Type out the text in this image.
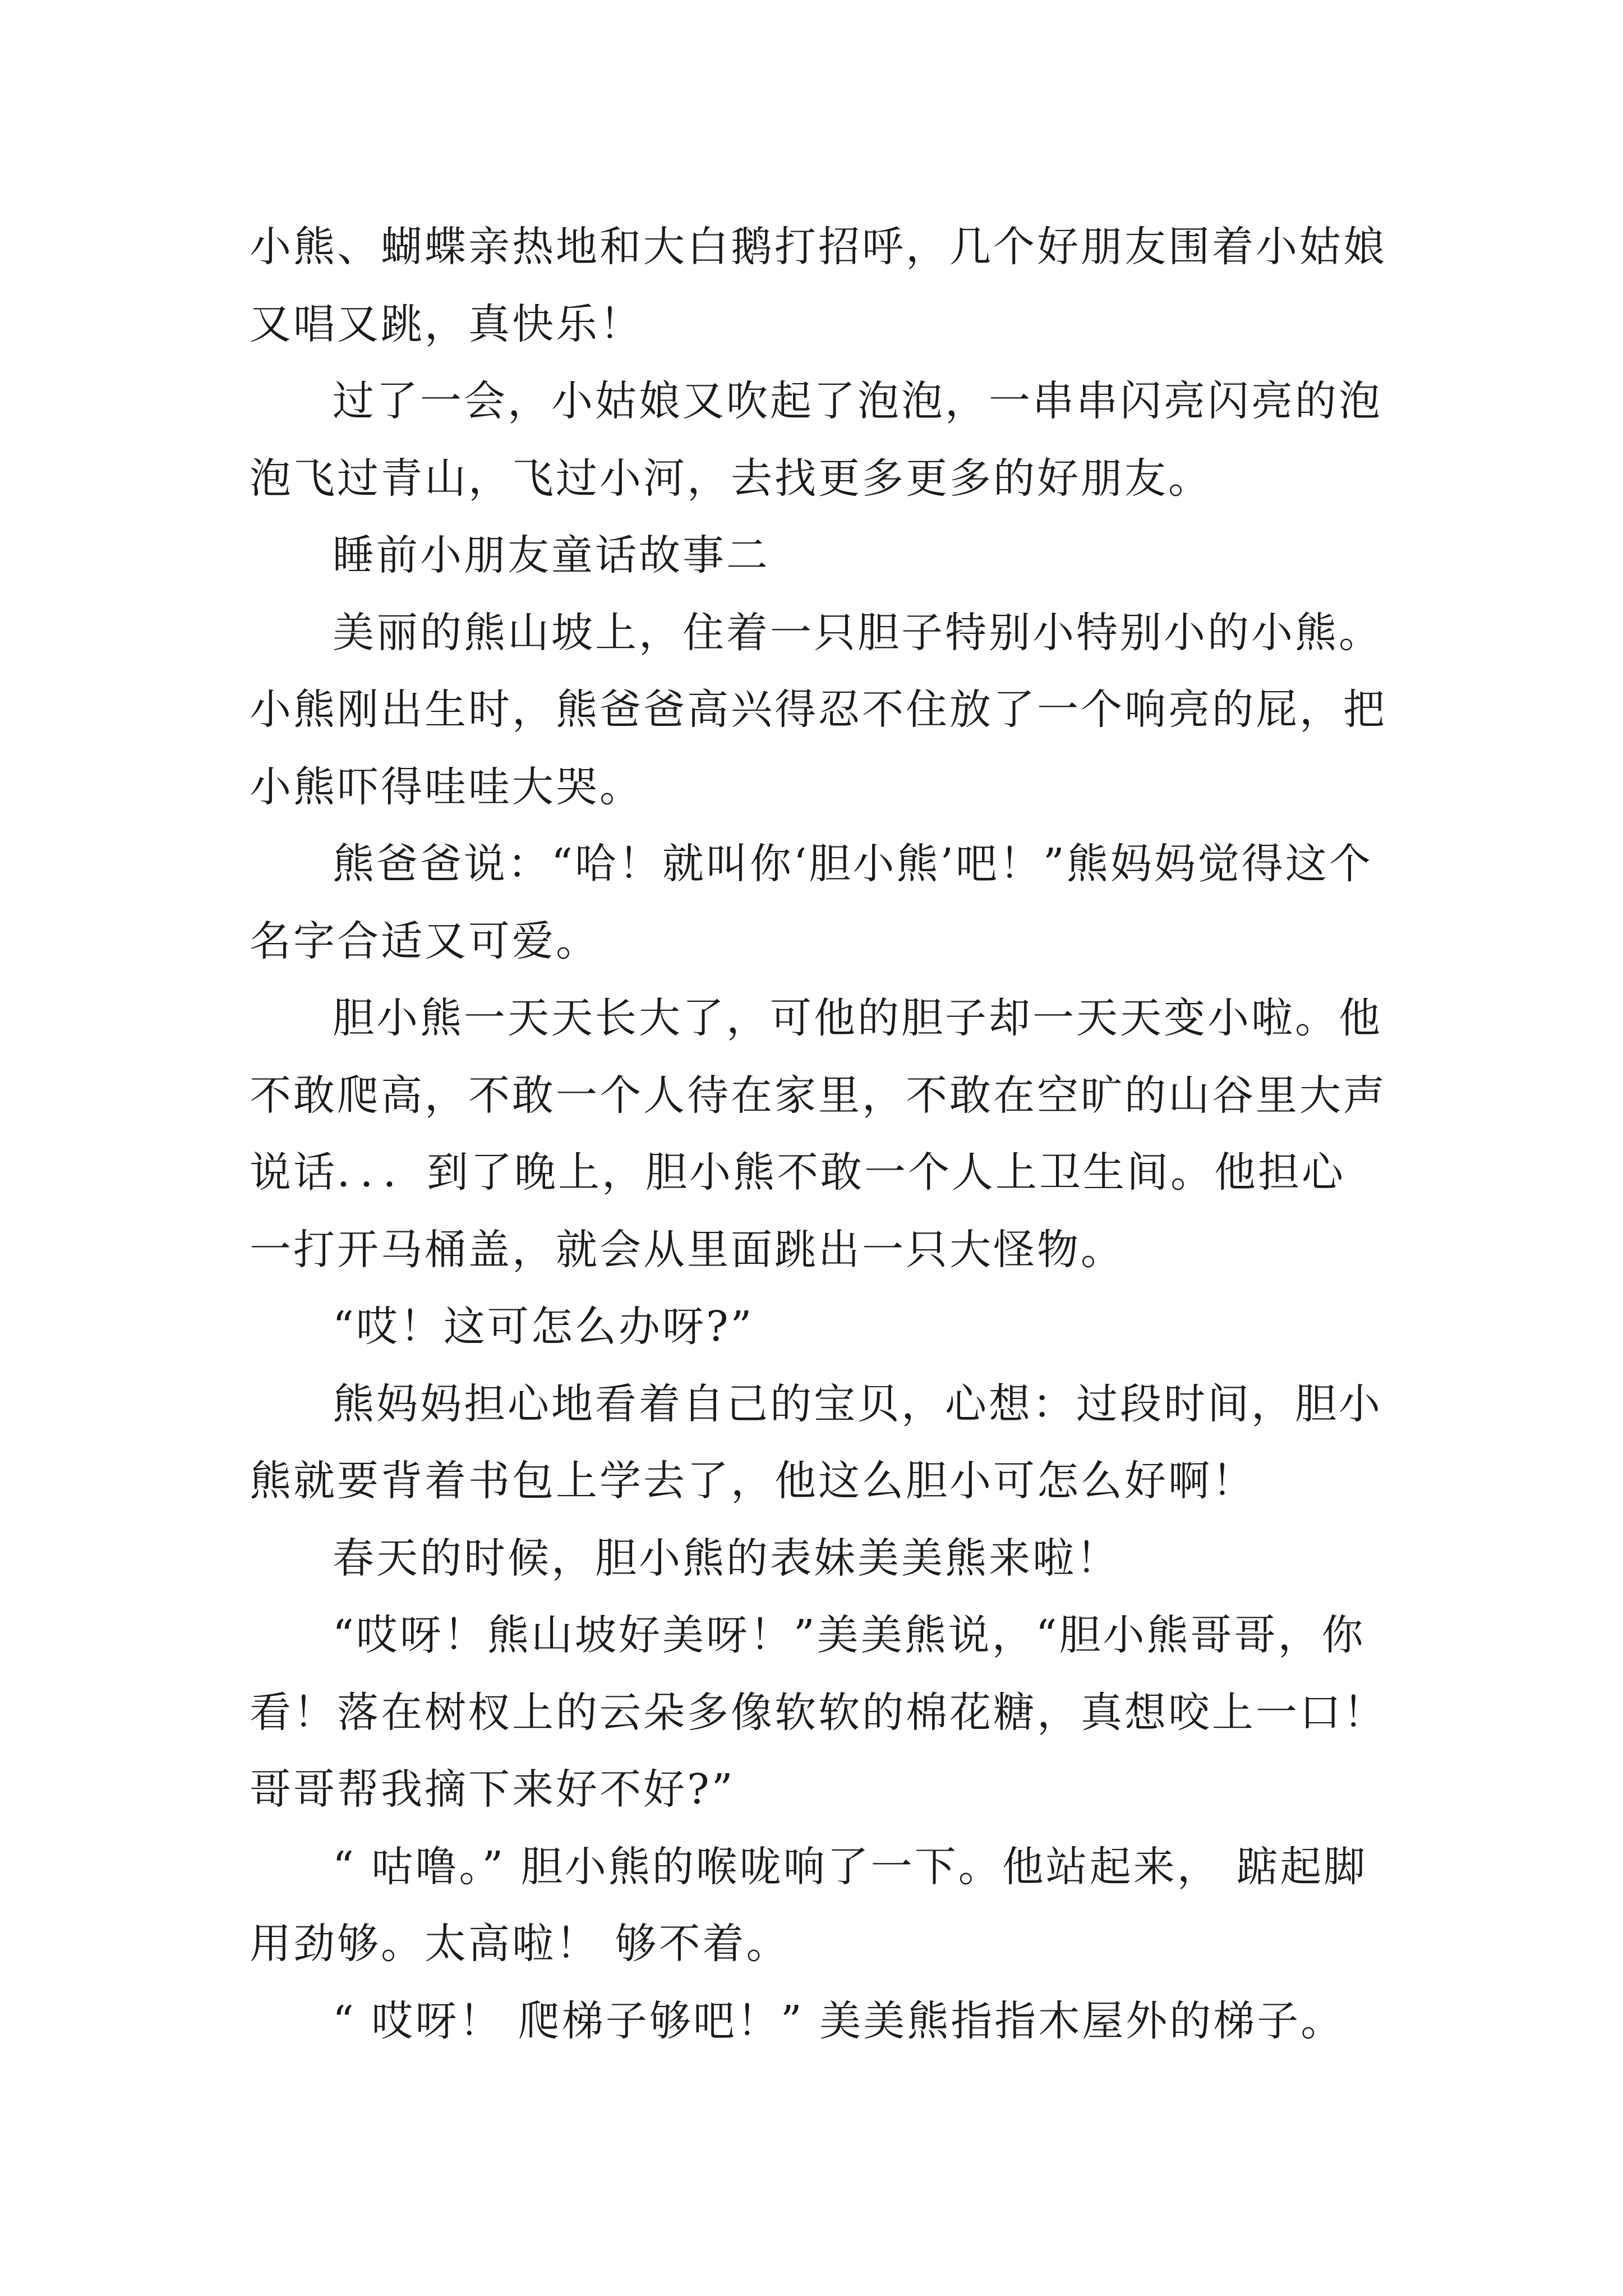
小熊、蝴蝶亲热地和大白鹅打招呼，几个好朋友围着小姑娘又唱又跳，真快乐！

过了一会，小姑娘又吹起了泡泡，一串串闪亮闪亮的泡泡飞过青山，飞过小河，去找更多更多的好朋友。

睡前小朋友童话故事二

美丽的熊山坡上，住着一只胆子特别小特别小的小熊。小熊刚出生时，熊爸爸高兴得忍不住放了一个响亮的屁，把小熊吓得哇哇大哭。

熊爸爸说：“哈！就叫你‘胆小熊’吧！”熊妈妈觉得这个名字合适又可爱。

胆小熊一天天长大了，可他的胆子却一天天变小啦。他不敢爬高，不敢一个人待在家里，不敢在空旷的山谷里大声说话．．．到了晚上，胆小熊不敢一个人上卫生间。他担心一打开马桶盖，就会从里面跳出一只大怪物。

“哎！这可怎么办呀?”

熊妈妈担心地看着自己的宝贝，心想：过段时间，胆小熊就要背着书包上学去了，他这么胆小可怎么好啊！

春天的时候，胆小熊的表妹美美熊来啦！

“哎呀！熊山坡好美呀！”美美熊说，“胆小熊哥哥，你看！落在树杈上的云朵多像软软的棉花糖，真想咬上一口！哥哥帮我摘下来好不好?”

“ 咕噜。” 胆小熊的喉咙响了一下。他站起来， 踮起脚用劲够。太高啦！ 够不着。

“ 哎呀！ 爬梯子够吧！” 美美熊指指木屋外的梯子。
